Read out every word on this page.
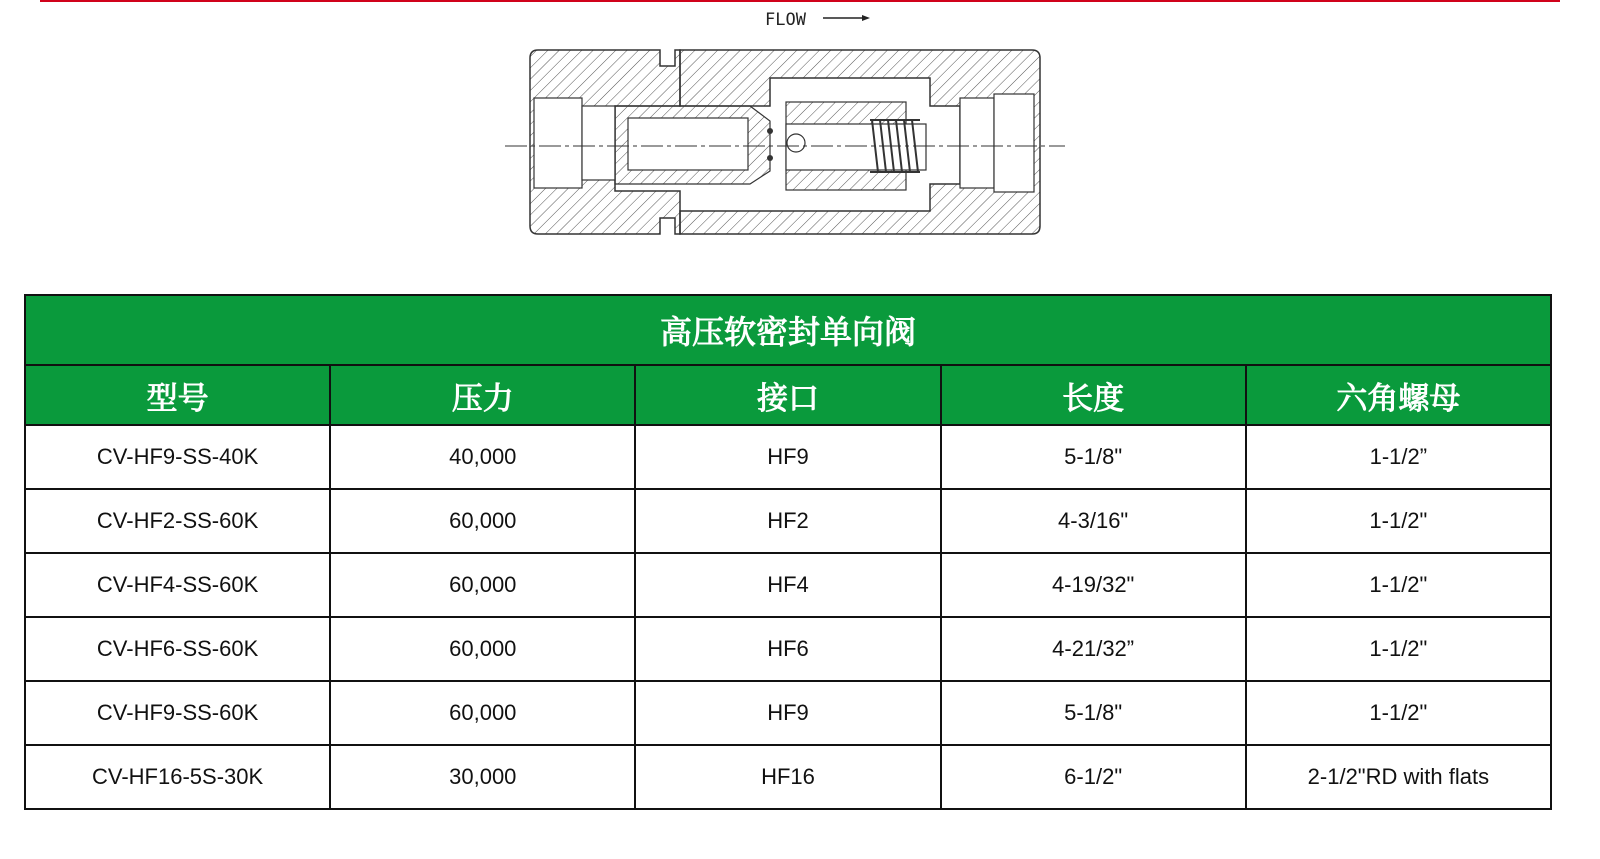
FLOW
高压软密封单向阀				
型号	压力	接口	长度	六角螺母
CV-HF9-SS-40K	40,000	HF9	5-1/8"	1-1/2”
CV-HF2-SS-60K	60,000	HF2	4-3/16"	1-1/2"
CV-HF4-SS-60K	60,000	HF4	4-19/32"	1-1/2"
CV-HF6-SS-60K	60,000	HF6	4-21/32”	1-1/2"
CV-HF9-SS-60K	60,000	HF9	5-1/8"	1-1/2"
CV-HF16-5S-30K	30,000	HF16	6-1/2"	2-1/2"RD with flats
